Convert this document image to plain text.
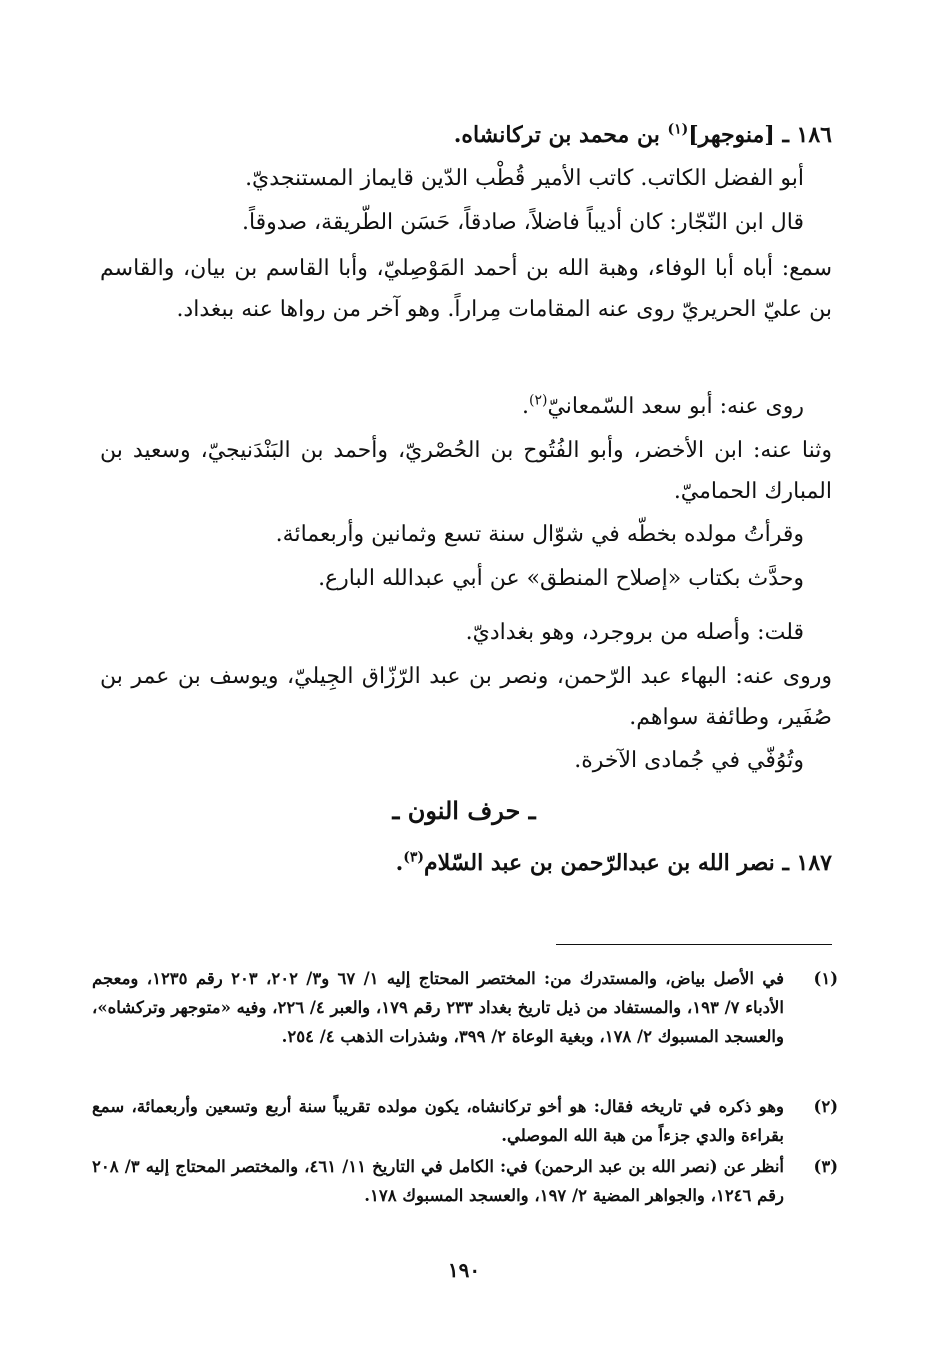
١٨٦ ـ [منوجهر]$^{(١)}$ بن محمد بن تركانشاه.
أبو الفضل الكاتب. كاتب الأمير قُطْب الدّين قايماز المستنجديّ.
قال ابن النّجّار: كان أديباً فاضلاً، صادقاً، حَسَن الطّريقة، صدوقاً.
سمع: أباه أبا الوفاء، وهبة الله بن أحمد المَوْصِليّ، وأبا القاسم بن بيان، والقاسم بن عليّ الحريريّ روى عنه المقامات مِراراً. وهو آخر من رواها عنه ببغداد.
روى عنه: أبو سعد السّمعانيّ$^{(٢)}$.
وثنا عنه: ابن الأخضر، وأبو الفُتُوح بن الحُصْريّ، وأحمد بن البَنْدَنيجيّ، وسعيد بن المبارك الحماميّ.
وقرأتُ مولده بخطّه في شوّال سنة تسع وثمانين وأربعمائة.
وحدَّث بكتاب «إصلاح المنطق» عن أبي عبدالله البارع.
قلت: وأصله من بروجرد، وهو بغداديّ.
وروى عنه: البهاء عبد الرّحمن، ونصر بن عبد الرّزّاق الجِيليّ، ويوسف بن عمر بن صُفَير، وطائفة سواهم.
وتُوُفّي في جُمادى الآخرة.
ـ حرف النون ـ
١٨٧ ـ نصر الله بن عبدالرّحمن بن عبد السّلام$^{(٣)}$.
(١)
في الأصل بياض، والمستدرك من: المختصر المحتاج إليه ١/ ٦٧ و٣/ ٢٠٢، ٢٠٣ رقم ١٢٣٥، ومعجم الأدباء ٧/ ١٩٣، والمستفاد من ذيل تاريخ بغداد ٢٣٣ رقم ١٧٩، والعبر ٤/ ٢٢٦، وفيه «متوجهر وتركشاه»، والعسجد المسبوك ٢/ ١٧٨، وبغية الوعاة ٢/ ٣٩٩، وشذرات الذهب ٤/ ٢٥٤.
(٢)
وهو ذكره في تاريخه فقال: هو أخو تركانشاه، يكون مولده تقريباً سنة أربع وتسعين وأربعمائة، سمع بقراءة والدي جزءاً من هبة الله الموصلي.
(٣)
أنظر عن (نصر الله بن عبد الرحمن) في: الكامل في التاريخ ١١/ ٤٦١، والمختصر المحتاج إليه ٣/ ٢٠٨ رقم ١٢٤٦، والجواهر المضية ٢/ ١٩٧، والعسجد المسبوك ١٧٨.
١٩٠
